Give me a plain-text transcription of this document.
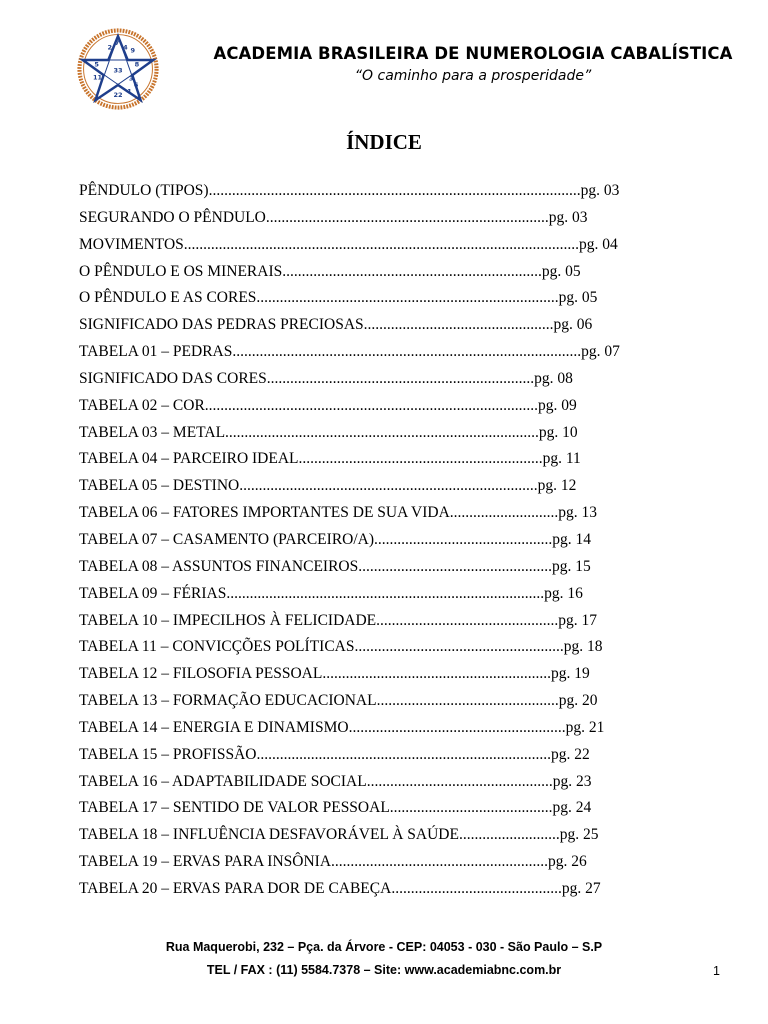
2
7
4 9
5	8
33
3
11
6
22 1
ACADEMIA BRASILEIRA DE NUMEROLOGIA CABALÍSTICA
“O caminho para a prosperidade”
ÍNDICE
PÊNDULO (TIPOS)................................................................................................pg. 03
SEGURANDO O PÊNDULO.........................................................................pg. 03
MOVIMENTOS......................................................................................................pg. 04
O PÊNDULO E OS MINERAIS...................................................................pg. 05
O PÊNDULO E AS CORES..............................................................................pg. 05
SIGNIFICADO DAS PEDRAS PRECIOSAS.................................................pg. 06
TABELA 01 – PEDRAS..........................................................................................pg. 07
SIGNIFICADO DAS CORES.....................................................................pg. 08
TABELA 02 – COR......................................................................................pg. 09
TABELA 03 – METAL.................................................................................pg. 10
TABELA 04 – PARCEIRO IDEAL...............................................................pg. 11
TABELA 05 – DESTINO.............................................................................pg. 12
TABELA 06 – FATORES IMPORTANTES DE SUA VIDA............................pg. 13
TABELA 07 – CASAMENTO (PARCEIRO/A)..............................................pg. 14
TABELA 08 – ASSUNTOS FINANCEIROS..................................................pg. 15
TABELA 09 – FÉRIAS..................................................................................pg. 16
TABELA 10 – IMPECILHOS À FELICIDADE...............................................pg. 17
TABELA 11 – CONVICÇÕES POLÍTICAS......................................................pg. 18
TABELA 12 – FILOSOFIA PESSOAL...........................................................pg. 19
TABELA 13 – FORMAÇÃO EDUCACIONAL...............................................pg. 20
TABELA 14 – ENERGIA E DINAMISMO........................................................pg. 21
TABELA 15 – PROFISSÃO............................................................................pg. 22
TABELA 16 – ADAPTABILIDADE SOCIAL................................................pg. 23
TABELA 17 – SENTIDO DE VALOR PESSOAL..........................................pg. 24
TABELA 18 – INFLUÊNCIA DESFAVORÁVEL À SAÚDE..........................pg. 25
TABELA 19 – ERVAS PARA INSÔNIA........................................................pg. 26
TABELA 20 – ERVAS PARA DOR DE CABEÇA............................................pg. 27
Rua Maquerobi, 232 – Pça. da Árvore - CEP: 04053 - 030 - São Paulo – S.P
TEL / FAX : (11) 5584.7378 – Site: www.academiabnc.com.br	1
